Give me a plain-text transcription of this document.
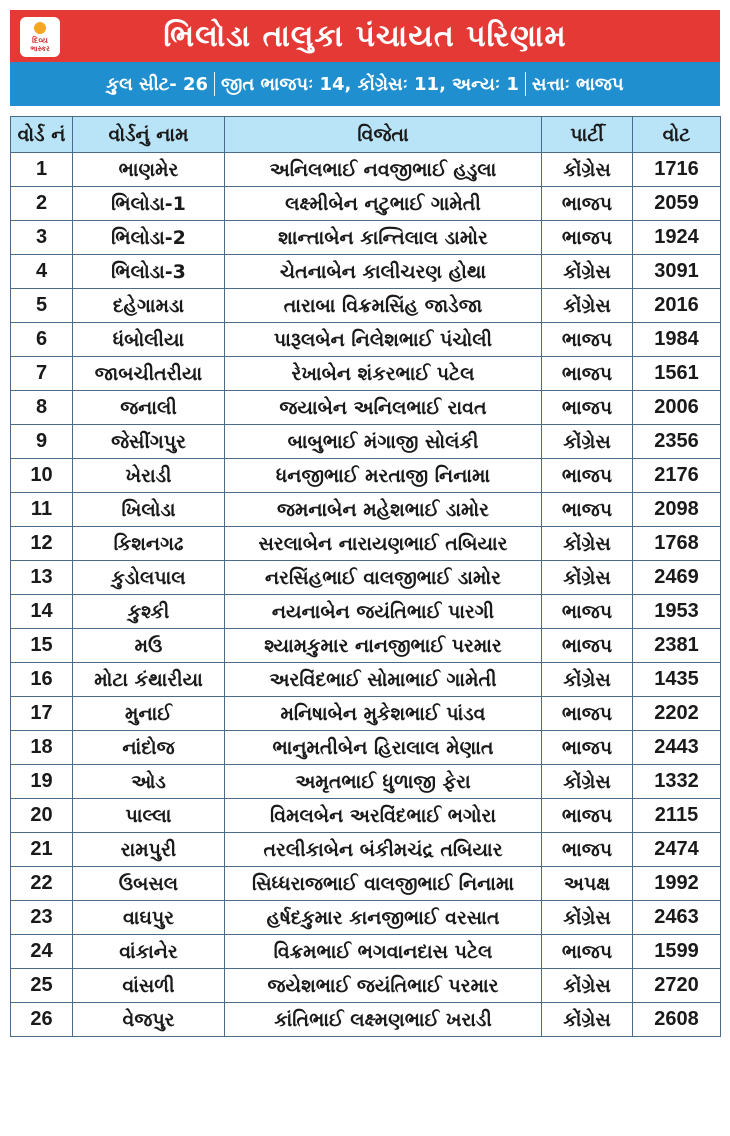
દિવ્ય
ભાસ્કર	ભિલોડા તાલુકા પંચાયત પરિણામ
કુલ સીટ- 26 જીત ભાજપઃ 14, કોંગ્રેસઃ 11, અન્યઃ 1 સત્તાઃ ભાજપ
વોર્ડ નં	વોર્ડનું નામ	વિજેતા	પાર્ટી	વોટ
1	ભાણમેર	અનિલભાઈ નવજીભાઈ હડુલા	કોંગ્રેસ	1716
2	ભિલોડા-1	લક્ષ્મીબેન નટુભાઈ ગામેતી	ભાજપ	2059
3	ભિલોડા-2	શાન્તાબેન કાન્તિલાલ ડામોર	ભાજપ	1924
4	ભિલોડા-3	ચેતનાબેન કાલીચરણ હોથા	કોંગ્રેસ	3091
5	દહેગામડા	તારાબા વિક્રમસિંહ જાડેજા	કોંગ્રેસ	2016
6	ધંબોલીયા	પારૂલબેન નિલેશભાઈ પંચોલી	ભાજપ	1984
7	જાબચીતરીયા	રેખાબેન શંકરભાઈ પટેલ	ભાજપ	1561
8	જનાલી	જયાબેન અનિલભાઈ રાવત	ભાજપ	2006
9	જેસીંગપુર	બાબુભાઈ મંગાજી સોલંકી	કોંગ્રેસ	2356
10	ખેરાડી	ધનજીભાઈ મરતાજી નિનામા	ભાજપ	2176
11	ખિલોડા	જમનાબેન મહેશભાઈ ડામોર	ભાજપ	2098
12	કિશનગઢ	સરલાબેન નારાયણભાઈ તબિયાર	કોંગ્રેસ	1768
13	કુડોલપાલ	નરસિંહભાઈ વાલજીભાઈ ડામોર	કોંગ્રેસ	2469
14	કુશ્કી	નયનાબેન જયંતિભાઈ પારગી	ભાજપ	1953
15	મઉ	શ્યામકુમાર નાનજીભાઈ પરમાર	ભાજપ	2381
16	મોટા કંથારીયા	અરવિંદભાઈ સોમાભાઈ ગામેતી	કોંગ્રેસ	1435
17	મુનાઈ	મનિષાબેન મુકેશભાઈ પાંડવ	ભાજપ	2202
18	નાંદોજ	ભાનુમતીબેન હિરાલાલ મેણાત	ભાજપ	2443
19	ઓડ	અમૃતભાઈ ધુળાજી ફેરા	કોંગ્રેસ	1332
20	પાલ્લા	વિમલબેન અરવિંદભાઈ ભગોરા	ભાજપ	2115
21	રામપુરી	તરલીકાબેન બંકીમચંદ્ર તબિયાર	ભાજપ	2474
22	ઉબસલ	સિધ્ધરાજભાઈ વાલજીભાઈ નિનામા	અપક્ષ	1992
23	વાઘપુર	હર્ષદકુમાર કાનજીભાઈ વરસાત	કોંગ્રેસ	2463
24	વાંકાનેર	વિક્રમભાઈ ભગવાનદાસ પટેલ	ભાજપ	1599
25	વાંસળી	જયેશભાઈ જયંતિભાઈ પરમાર	કોંગ્રેસ	2720
26	વેજપુર	કાંતિભાઈ લક્ષ્મણભાઈ ખરાડી	કોંગ્રેસ	2608
